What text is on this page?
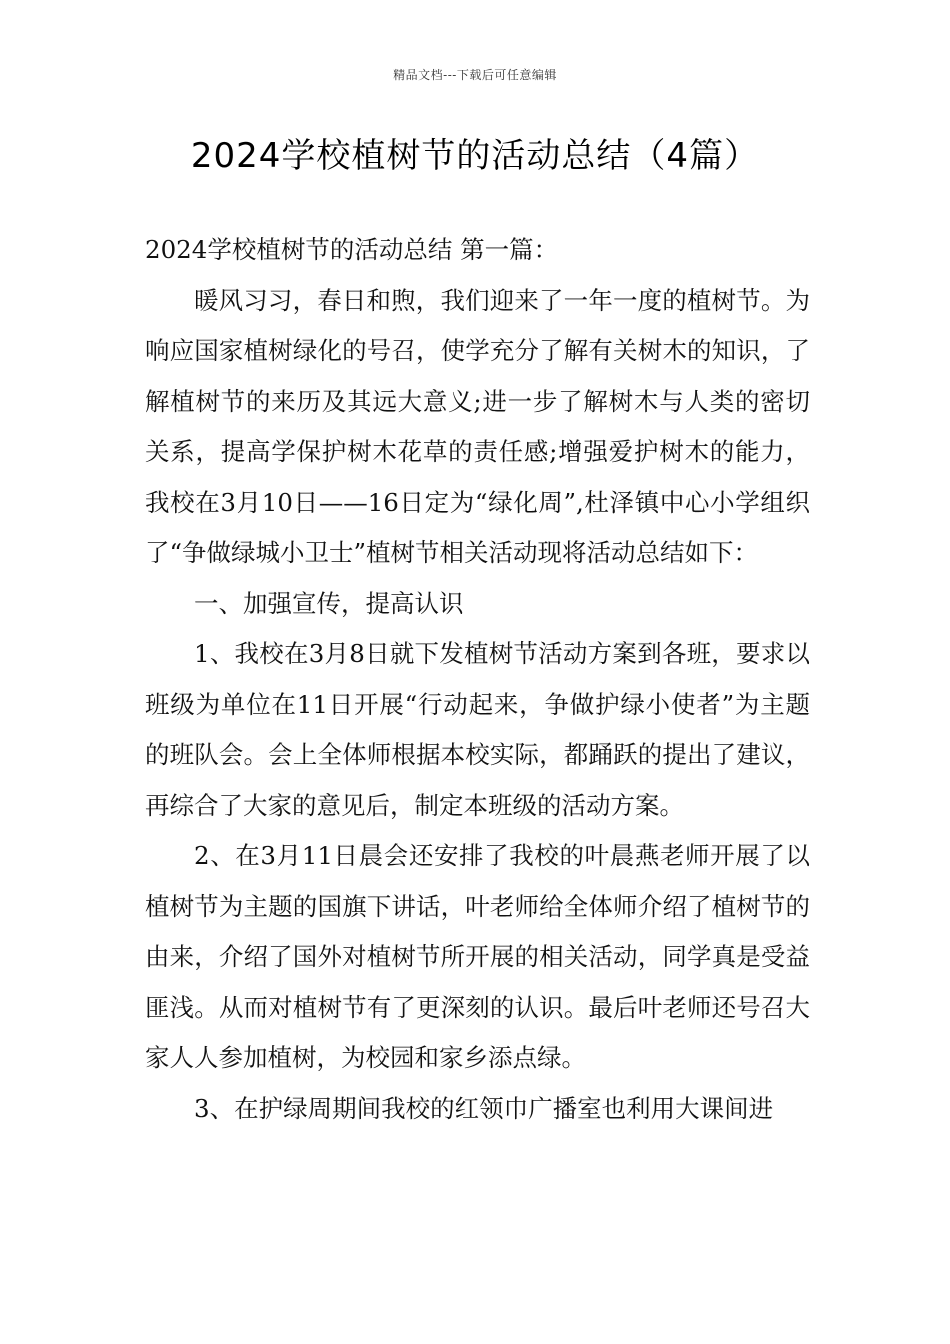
精品文档---下载后可任意编辑
2024学校植树节的活动总结（4篇）

2024学校植树节的活动总结 第一篇：

暖风习习，春日和煦，我们迎来了一年一度的植树节。为响应国家植树绿化的号召，使学充分了解有关树木的知识，了解植树节的来历及其远大意义;进一步了解树木与人类的密切关系，提高学保护树木花草的责任感;增强爱护树木的能力，我校在3月10日——16日定为“绿化周”,杜泽镇中心小学组织了“争做绿城小卫士”植树节相关活动现将活动总结如下：

一、加强宣传，提高认识

1、我校在3月8日就下发植树节活动方案到各班，要求以班级为单位在11日开展“行动起来，争做护绿小使者”为主题的班队会。会上全体师根据本校实际，都踊跃的提出了建议，再综合了大家的意见后，制定本班级的活动方案。

2、在3月11日晨会还安排了我校的叶晨燕老师开展了以植树节为主题的国旗下讲话，叶老师给全体师介绍了植树节的由来，介绍了国外对植树节所开展的相关活动，同学真是受益匪浅。从而对植树节有了更深刻的认识。最后叶老师还号召大家人人参加植树，为校园和家乡添点绿。

3、在护绿周期间我校的红领巾广播室也利用大课间进
